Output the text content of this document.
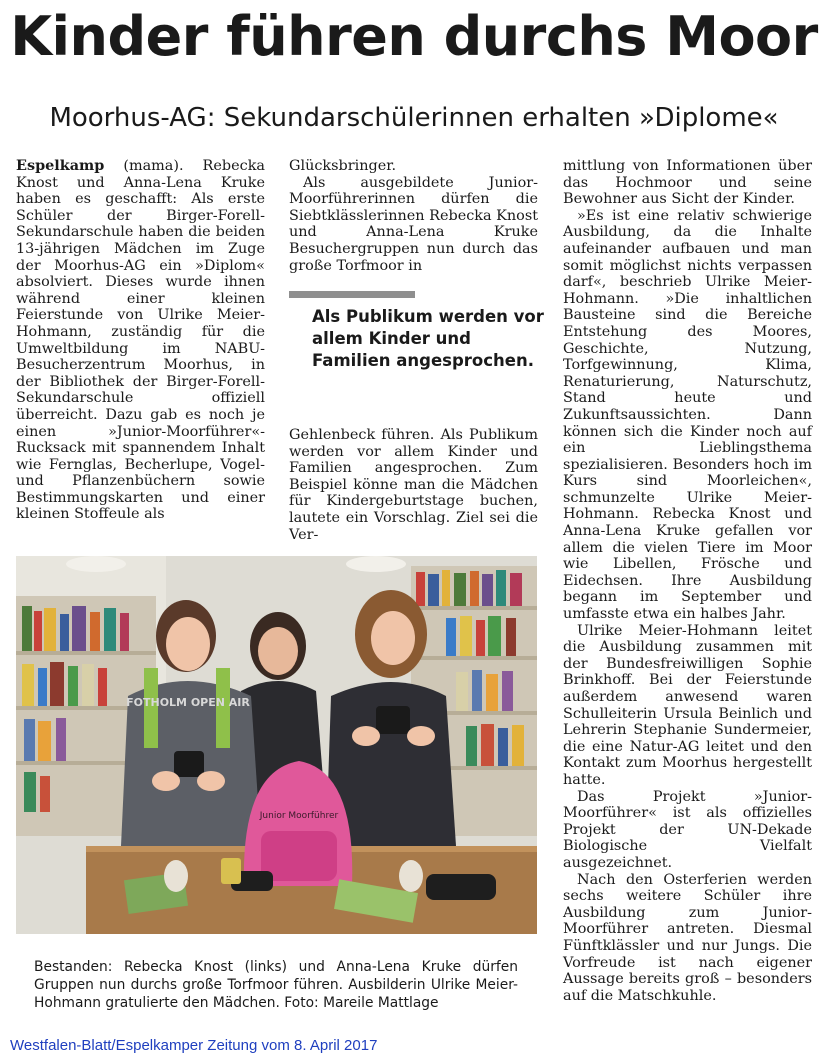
Kinder führen durchs Moor
Moorhus-AG: Sekundarschülerinnen erhalten »Diplome«

Espelkamp (mama). Rebecka Knost und Anna-Lena Kruke haben es geschafft: Als erste Schüler der Birger-Forell-Sekundarschule haben die beiden 13-jährigen Mädchen im Zuge der Moorhus-AG ein »Diplom« absolviert. Dieses wurde ihnen während einer kleinen Feierstunde von Ulrike Meier-Hohmann, zuständig für die Umweltbildung im NABU-Besucherzentrum Moorhus, in der Bibliothek der Birger-Forell-Sekundarschule offiziell überreicht. Dazu gab es noch je einen »Junior-Moorführer«-Rucksack mit spannendem Inhalt wie Fernglas, Becherlupe, Vogel- und Pflanzenbüchern sowie Bestimmungskarten und einer kleinen Stoffeule als

Glücksbringer.

Als ausgebildete Junior-Moorführerinnen dürfen die Siebtklässlerinnen Rebecka Knost und Anna-Lena Kruke Besuchergruppen nun durch das große Torfmoor in

Als Publikum werden vor allem Kinder und Familien angesprochen.

Gehlenbeck führen. Als Publikum werden vor allem Kinder und Familien angesprochen. Zum Beispiel könne man die Mädchen für Kindergeburtstage buchen, lautete ein Vorschlag. Ziel sei die Ver-

mittlung von Informationen über das Hochmoor und seine Bewohner aus Sicht der Kinder.

»Es ist eine relativ schwierige Ausbildung, da die Inhalte aufeinander aufbauen und man somit möglichst nichts verpassen darf«, beschrieb Ulrike Meier-Hohmann. »Die inhaltlichen Bausteine sind die Bereiche Entstehung des Moores, Geschichte, Nutzung, Torfgewinnung, Klima, Renaturierung, Naturschutz, Stand heute und Zukunftsaussichten. Dann können sich die Kinder noch auf ein Lieblingsthema spezialisieren. Besonders hoch im Kurs sind Moorleichen«, schmunzelte Ulrike Meier-Hohmann. Rebecka Knost und Anna-Lena Kruke gefallen vor allem die vielen Tiere im Moor wie Libellen, Frösche und Eidechsen. Ihre Ausbildung begann im September und umfasste etwa ein halbes Jahr.

Ulrike Meier-Hohmann leitet die Ausbildung zusammen mit der Bundesfreiwilligen Sophie Brinkhoff. Bei der Feierstunde außerdem anwesend waren Schulleiterin Ursula Beinlich und Lehrerin Stephanie Sundermeier, die eine Natur-AG leitet und den Kontakt zum Moorhus hergestellt hatte.

Das Projekt »Junior-Moorführer« ist als offizielles Projekt der UN-Dekade Biologische Vielfalt ausgezeichnet.

Nach den Osterferien werden sechs weitere Schüler ihre Ausbildung zum Junior-Moorführer antreten. Diesmal Fünftklässler und nur Jungs. Die Vorfreude ist nach eigener Aussage bereits groß – besonders auf die Matschkuhle.

FOTHOLM OPEN AIR
Junior Moorführer
Bestanden: Rebecka Knost (links) und Anna-Lena Kruke dürfen Gruppen nun durchs große Torfmoor führen. Ausbilderin Ulrike Meier-Hohmann gratulierte den Mädchen. Foto: Mareile Mattlage
Westfalen-Blatt/Espelkamper Zeitung vom 8. April 2017
